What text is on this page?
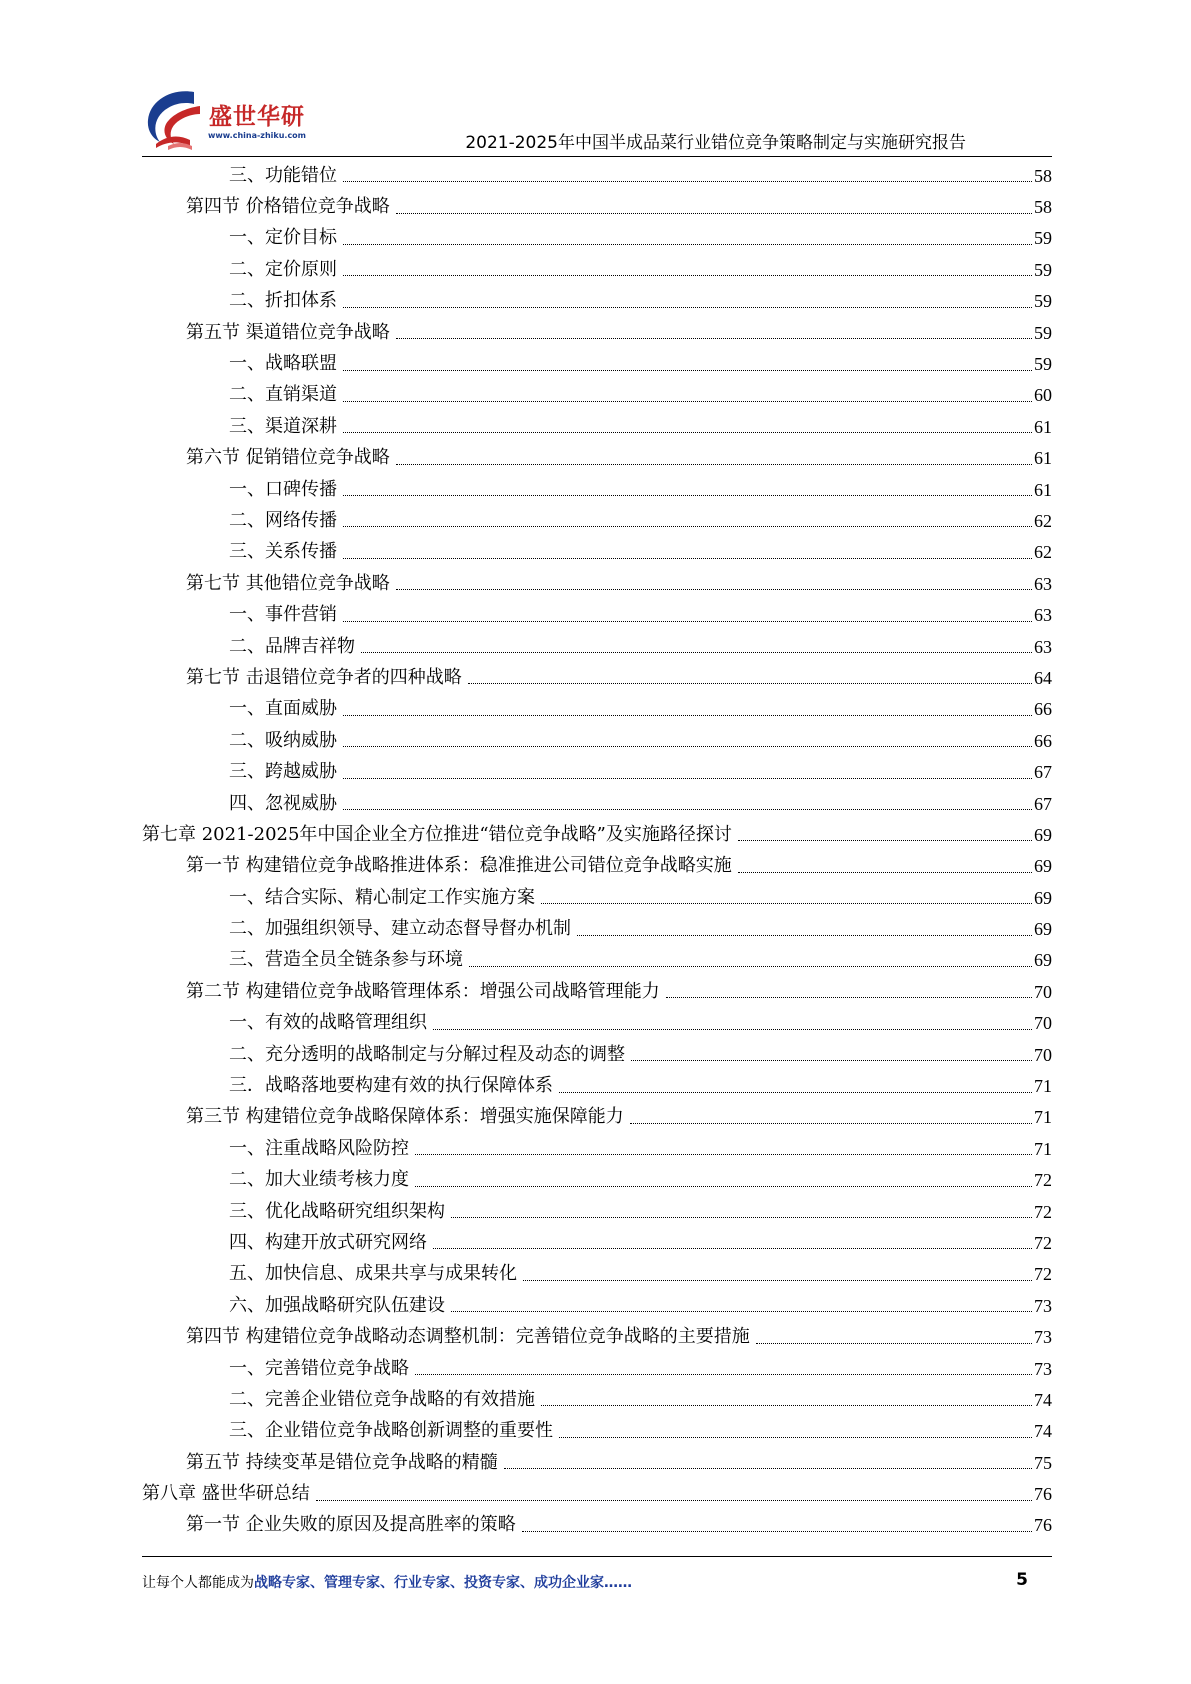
盛世华研
www.china-zhiku.com	2021-2025年中国半成品菜行业错位竞争策略制定与实施研究报告
三、功能错位	58
第四节 价格错位竞争战略	58
一、定价目标	59
二、定价原则	59
二、折扣体系	59
第五节 渠道错位竞争战略	59
一、战略联盟	59
二、直销渠道	60
三、渠道深耕	61
第六节 促销错位竞争战略	61
一、口碑传播	61
二、网络传播	62
三、关系传播	62
第七节 其他错位竞争战略	63
一、事件营销	63
二、品牌吉祥物	63
第七节 击退错位竞争者的四种战略	64
一、直面威胁	66
二、吸纳威胁	66
三、跨越威胁	67
四、忽视威胁	67
第七章 2021-2025年中国企业全方位推进“错位竞争战略”及实施路径探讨	69
第一节 构建错位竞争战略推进体系：稳准推进公司错位竞争战略实施	69
一、结合实际、精心制定工作实施方案	69
二、加强组织领导、建立动态督导督办机制	69
三、营造全员全链条参与环境	69
第二节 构建错位竞争战略管理体系：增强公司战略管理能力	70
一、有效的战略管理组织	70
二、充分透明的战略制定与分解过程及动态的调整	70
三．战略落地要构建有效的执行保障体系	71
第三节 构建错位竞争战略保障体系：增强实施保障能力	71
一、注重战略风险防控	71
二、加大业绩考核力度	72
三、优化战略研究组织架构	72
四、构建开放式研究网络	72
五、加快信息、成果共享与成果转化	72
六、加强战略研究队伍建设	73
第四节 构建错位竞争战略动态调整机制：完善错位竞争战略的主要措施	73
一、完善错位竞争战略	73
二、完善企业错位竞争战略的有效措施	74
三、企业错位竞争战略创新调整的重要性	74
第五节 持续变革是错位竞争战略的精髓	75
第八章 盛世华研总结	76
第一节 企业失败的原因及提高胜率的策略	76
让每个人都能成为战略专家、管理专家、行业专家、投资专家、成功企业家……	5
